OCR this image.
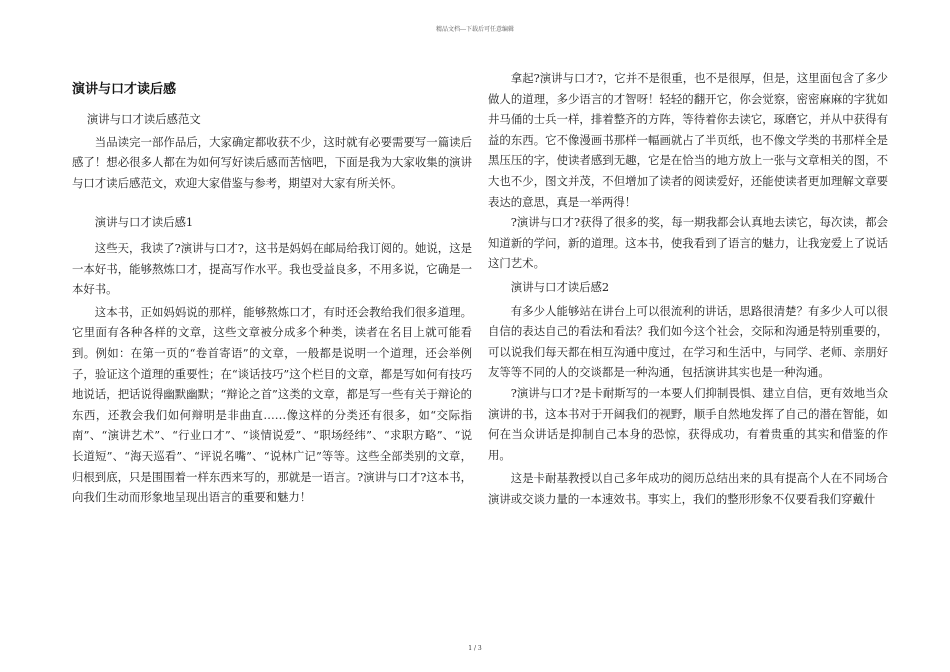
精品文档---下载后可任意编辑
演讲与口才读后感

演讲与口才读后感范文

当品读完一部作品后，大家确定都收获不少，这时就有必要需要写一篇读后感了！想必很多人都在为如何写好读后感而苦恼吧，下面是我为大家收集的演讲与口才读后感范文，欢迎大家借鉴与参考，期望对大家有所关怀。

演讲与口才读后感1

这些天，我读了?演讲与口才?，这书是妈妈在邮局给我订阅的。她说，这是一本好书，能够熬炼口才，提高写作水平。我也受益良多，不用多说，它确是一本好书。

这本书，正如妈妈说的那样，能够熬炼口才，有时还会教给我们很多道理。它里面有各种各样的文章，这些文章被分成多个种类，读者在名目上就可能看到。例如：在第一页的“卷首寄语”的文章，一般都是说明一个道理，还会举例子，验证这个道理的重要性；在“谈话技巧”这个栏目的文章，都是写如何有技巧地说话，把话说得幽默幽默；“辩论之首”这类的文章，都是写一些有关于辩论的东西，还教会我们如何辩明是非曲直……像这样的分类还有很多，如“交际指南”、“演讲艺术”、“行业口才”、“谈情说爱”、“职场经纬”、“求职方略”、“说长道短”、“海天巡看”、“评说名嘴”、“说林广记”等等。这些全部类别的文章，归根到底，只是围围着一样东西来写的，那就是一语言。?演讲与口才?这本书，向我们生动而形象地呈现出语言的重要和魅力！

拿起?演讲与口才?，它并不是很重，也不是很厚，但是，这里面包含了多少做人的道理，多少语言的才智呀！轻轻的翻开它，你会觉察，密密麻麻的字犹如井马俑的士兵一样，排着整齐的方阵，等待着你去读它，琢磨它，并从中获得有益的东西。它不像漫画书那样一幅画就占了半页纸，也不像文学类的书那样全是黑压压的字，使读者感到无趣，它是在恰当的地方放上一张与文章相关的图，不大也不少，图文并茂，不但增加了读者的阅读爱好，还能使读者更加理解文章要表达的意思，真是一举两得！

?演讲与口才?获得了很多的奖，每一期我都会认真地去读它，每次读，都会知道新的学问，新的道理。这本书，使我看到了语言的魅力，让我宠爱上了说话这门艺术。

演讲与口才读后感2

有多少人能够站在讲台上可以很流利的讲话，思路很清楚？有多少人可以很自信的表达自己的看法和看法？我们如今这个社会，交际和沟通是特别重要的，可以说我们每天都在相互沟通中度过，在学习和生活中，与同学、老师、亲朋好友等等不同的人的交谈都是一种沟通，包括演讲其实也是一种沟通。

?演讲与口才?是卡耐斯写的一本要人们抑制畏惧、建立自信，更有效地当众演讲的书，这本书对于开阔我们的视野，顺手自然地发挥了自己的潜在智能，如何在当众讲话是抑制自己本身的恐惊，获得成功，有着贵重的其实和借鉴的作用。

这是卡耐基教授以自己多年成功的阅历总结出来的具有提高个人在不同场合演讲或交谈力量的一本速效书。事实上，我们的整形形象不仅要看我们穿戴什

1 / 3
